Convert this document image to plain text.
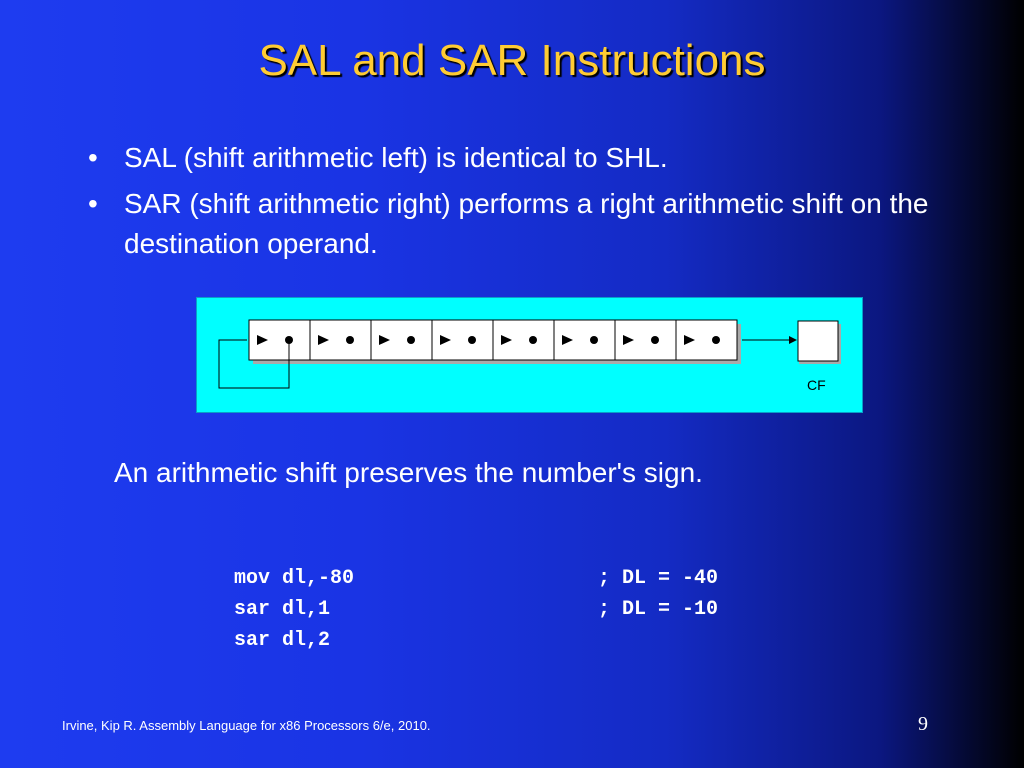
SAL and SAR Instructions
• SAL (shift arithmetic left) is identical to SHL.
• SAR (shift arithmetic right) performs a right arithmetic shift on the destination operand.
CF
An arithmetic shift preserves the number's sign.

mov dl,-80

sar dl,1

; DL = -40

sar dl,2

; DL = -10

Irvine, Kip R. Assembly Language for x86 Processors 6/e, 2010.	9
